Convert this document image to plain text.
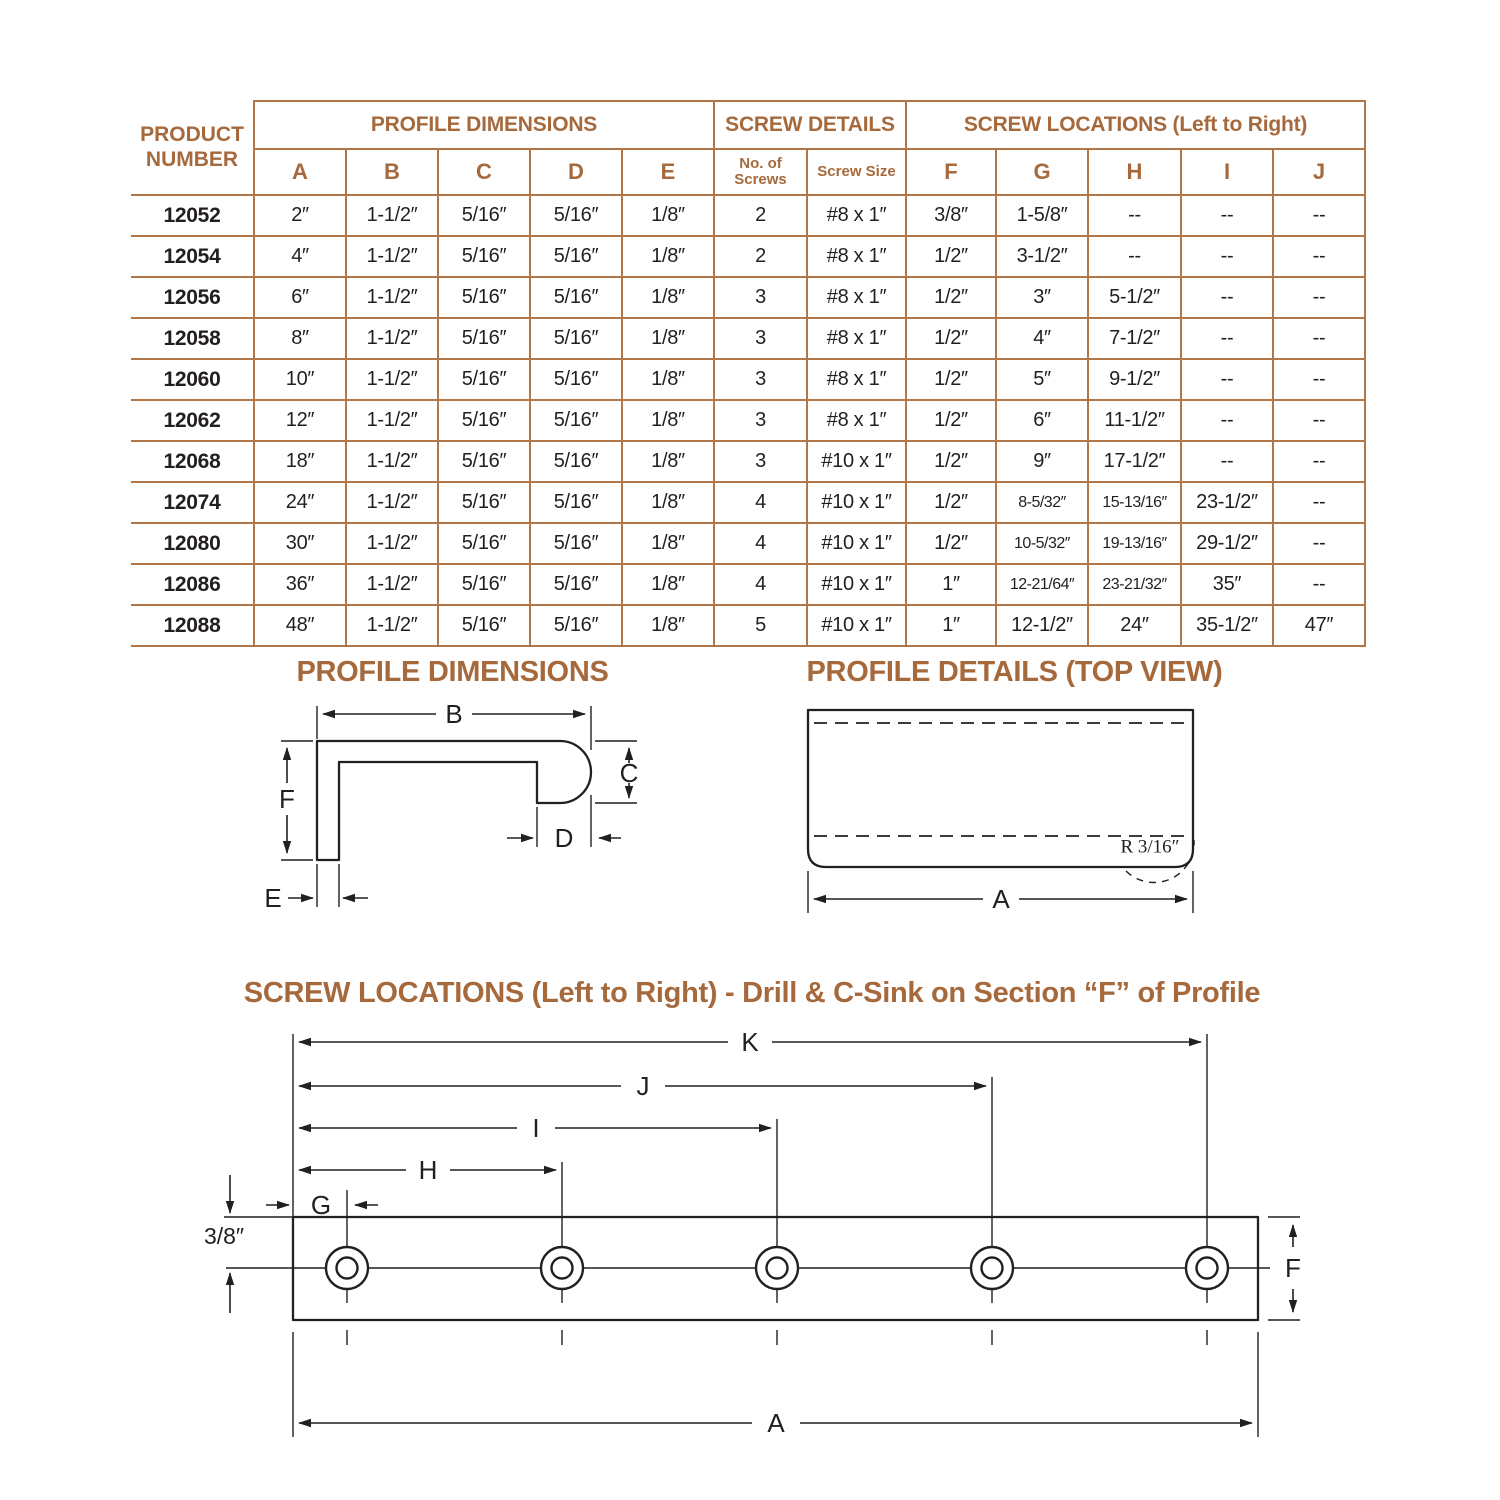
PRODUCT NUMBER	PROFILE DIMENSIONS					SCREW DETAILS		SCREW LOCATIONS (Left to Right)				
	A	B	C	D	E	No. of Screws	Screw Size	F	G	H	I	J
12052	2″	1-1/2″	5/16″	5/16″	1/8″	2	#8 x 1″	3/8″	1-5/8″	--	--	--
12054	4″	1-1/2″	5/16″	5/16″	1/8″	2	#8 x 1″	1/2″	3-1/2″	--	--	--
12056	6″	1-1/2″	5/16″	5/16″	1/8″	3	#8 x 1″	1/2″	3″	5-1/2″	--	--
12058	8″	1-1/2″	5/16″	5/16″	1/8″	3	#8 x 1″	1/2″	4″	7-1/2″	--	--
12060	10″	1-1/2″	5/16″	5/16″	1/8″	3	#8 x 1″	1/2″	5″	9-1/2″	--	--
12062	12″	1-1/2″	5/16″	5/16″	1/8″	3	#8 x 1″	1/2″	6″	11-1/2″	--	--
12068	18″	1-1/2″	5/16″	5/16″	1/8″	3	#10 x 1″	1/2″	9″	17-1/2″	--	--
12074	24″	1-1/2″	5/16″	5/16″	1/8″	4	#10 x 1″	1/2″	8-5/32″	15-13/16″	23-1/2″	--
12080	30″	1-1/2″	5/16″	5/16″	1/8″	4	#10 x 1″	1/2″	10-5/32″	19-13/16″	29-1/2″	--
12086	36″	1-1/2″	5/16″	5/16″	1/8″	4	#10 x 1″	1″	12-21/64″	23-21/32″	35″	--
12088	48″	1-1/2″	5/16″	5/16″	1/8″	5	#10 x 1″	1″	12-1/2″	24″	35-1/2″	47″
PROFILE DIMENSIONS	PROFILE DETAILS (TOP VIEW)
SCREW LOCATIONS (Left to Right) - Drill & C-Sink on Section “F” of Profile
B
F
C
D
E
R 3/16″
A
K
J
I
H
G
3/8″
F
A
